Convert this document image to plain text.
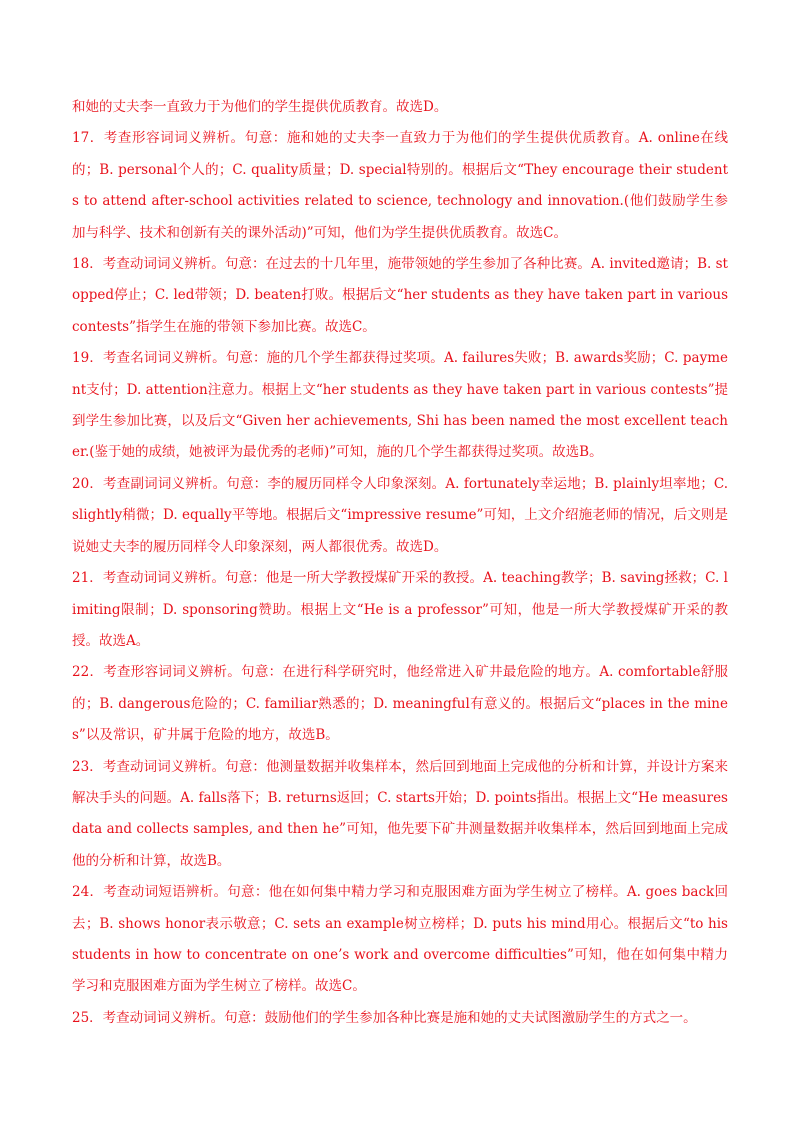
和她的丈夫李一直致力于为他们的学生提供优质教育。故选D。

17．考查形容词词义辨析。句意：施和她的丈夫李一直致力于为他们的学生提供优质教育。A. online在线的；B. personal个人的；C. quality质量；D. special特别的。根据后文“They encourage their students to attend after-school activities related to science, technology and innovation.(他们鼓励学生参加与科学、技术和创新有关的课外活动)”可知，他们为学生提供优质教育。故选C。

18．考查动词词义辨析。句意：在过去的十几年里，施带领她的学生参加了各种比赛。A. invited邀请；B. stopped停止；C. led带领；D. beaten打败。根据后文“her students as they have taken part in various contests”指学生在施的带领下参加比赛。故选C。

19．考查名词词义辨析。句意：施的几个学生都获得过奖项。A. failures失败；B. awards奖励；C. payment支付；D. attention注意力。根据上文“her students as they have taken part in various contests”提到学生参加比赛，以及后文“Given her achievements, Shi has been named the most excellent teacher.(鉴于她的成绩，她被评为最优秀的老师)”可知，施的几个学生都获得过奖项。故选B。

20．考查副词词义辨析。句意：李的履历同样令人印象深刻。A. fortunately幸运地；B. plainly坦率地；C. slightly稍微；D. equally平等地。根据后文“impressive resume”可知，上文介绍施老师的情况，后文则是说她丈夫李的履历同样令人印象深刻，两人都很优秀。故选D。

21．考查动词词义辨析。句意：他是一所大学教授煤矿开采的教授。A. teaching教学；B. saving拯救；C. limiting限制；D. sponsoring赞助。根据上文“He is a professor”可知，他是一所大学教授煤矿开采的教授。故选A。

22．考查形容词词义辨析。句意：在进行科学研究时，他经常进入矿井最危险的地方。A. comfortable舒服的；B. dangerous危险的；C. familiar熟悉的；D. meaningful有意义的。根据后文“places in the mines”以及常识，矿井属于危险的地方，故选B。

23．考查动词词义辨析。句意：他测量数据并收集样本，然后回到地面上完成他的分析和计算，并设计方案来解决手头的问题。A. falls落下；B. returns返回；C. starts开始；D. points指出。根据上文“He measures data and collects samples, and then he”可知，他先要下矿井测量数据并收集样本，然后回到地面上完成他的分析和计算，故选B。

24．考查动词短语辨析。句意：他在如何集中精力学习和克服困难方面为学生树立了榜样。A. goes back回去；B. shows honor表示敬意；C. sets an example树立榜样；D. puts his mind用心。根据后文“to his students in how to concentrate on one’s work and overcome difficulties”可知，他在如何集中精力学习和克服困难方面为学生树立了榜样。故选C。

25．考查动词词义辨析。句意：鼓励他们的学生参加各种比赛是施和她的丈夫试图激励学生的方式之一。
